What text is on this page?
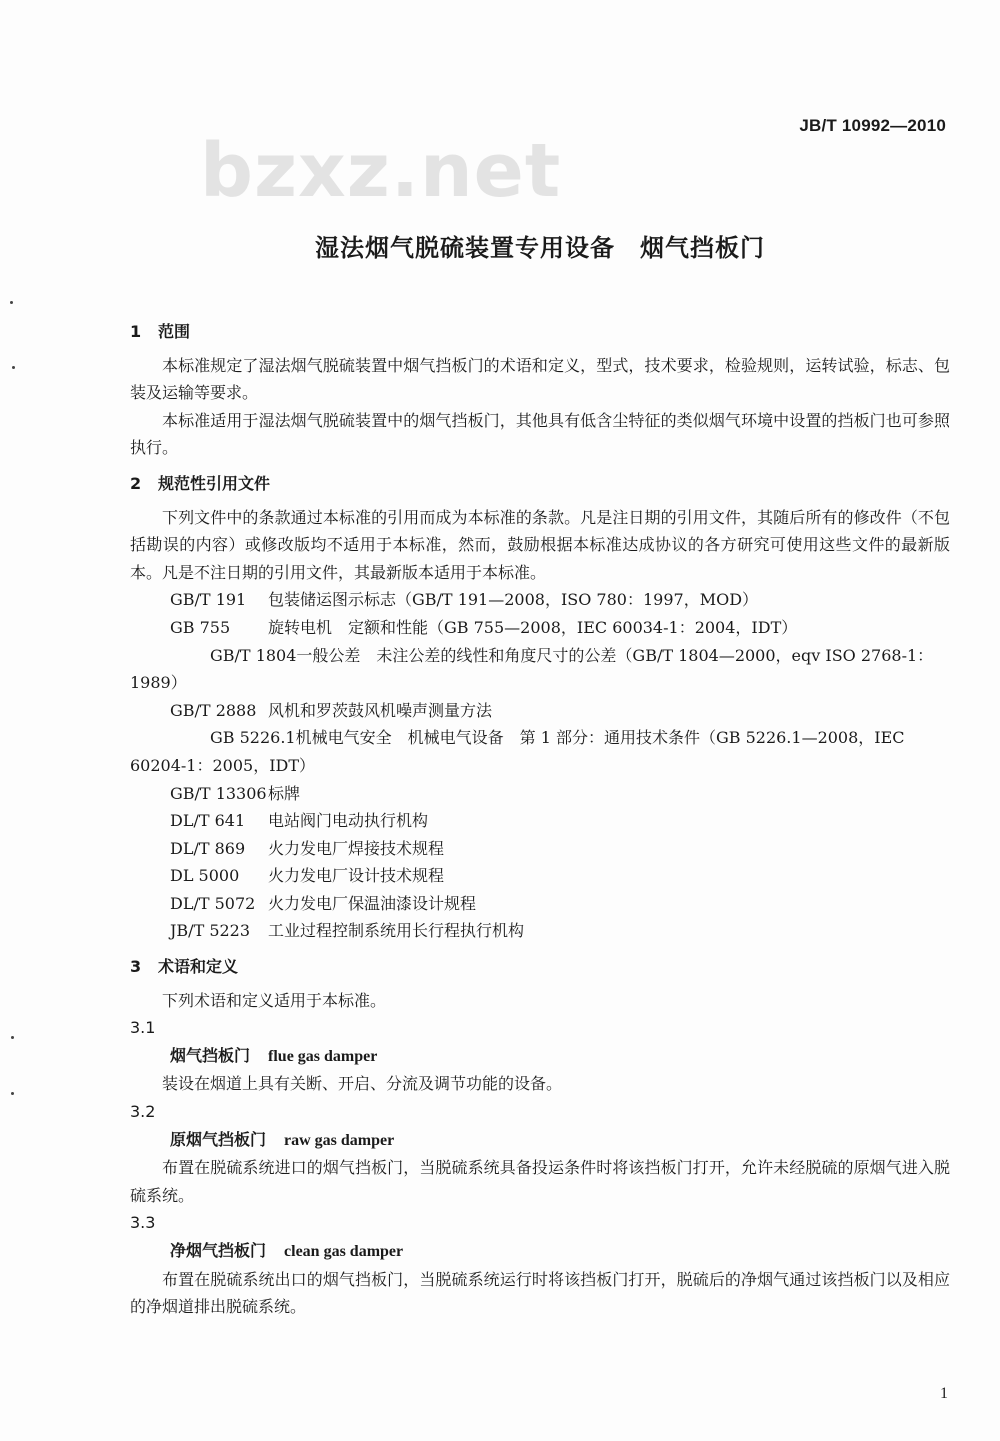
JB/T 10992—2010
bzxz.net
湿法烟气脱硫装置专用设备　烟气挡板门
1 范围

本标准规定了湿法烟气脱硫装置中烟气挡板门的术语和定义，型式，技术要求，检验规则，运转试验，标志、包装及运输等要求。

本标准适用于湿法烟气脱硫装置中的烟气挡板门，其他具有低含尘特征的类似烟气环境中设置的挡板门也可参照执行。

2 规范性引用文件

下列文件中的条款通过本标准的引用而成为本标准的条款。凡是注日期的引用文件，其随后所有的修改件（不包括勘误的内容）或修改版均不适用于本标准，然而，鼓励根据本标准达成协议的各方研究可使用这些文件的最新版本。凡是不注日期的引用文件，其最新版本适用于本标准。

GB/T 191 包装储运图示标志（GB/T 191—2008，ISO 780：1997，MOD）

GB 755 旋转电机　定额和性能（GB 755—2008，IEC 60034-1：2004，IDT）

GB/T 1804一般公差　未注公差的线性和角度尺寸的公差（GB/T 1804—2000，eqv ISO 2768-1：1989）

GB/T 2888 风机和罗茨鼓风机噪声测量方法

GB 5226.1机械电气安全　机械电气设备　第 1 部分：通用技术条件（GB 5226.1—2008，IEC 60204-1：2005，IDT）

GB/T 13306标牌

DL/T 641 电站阀门电动执行机构

DL/T 869 火力发电厂焊接技术规程

DL 5000 火力发电厂设计技术规程

DL/T 5072 火力发电厂保温油漆设计规程

JB/T 5223 工业过程控制系统用长行程执行机构

3 术语和定义

下列术语和定义适用于本标准。

3.1

烟气挡板门 flue gas damper

装设在烟道上具有关断、开启、分流及调节功能的设备。

3.2

原烟气挡板门 raw gas damper

布置在脱硫系统进口的烟气挡板门，当脱硫系统具备投运条件时将该挡板门打开，允许未经脱硫的原烟气进入脱硫系统。

3.3

净烟气挡板门 clean gas damper

布置在脱硫系统出口的烟气挡板门，当脱硫系统运行时将该挡板门打开，脱硫后的净烟气通过该挡板门以及相应的净烟道排出脱硫系统。

1
